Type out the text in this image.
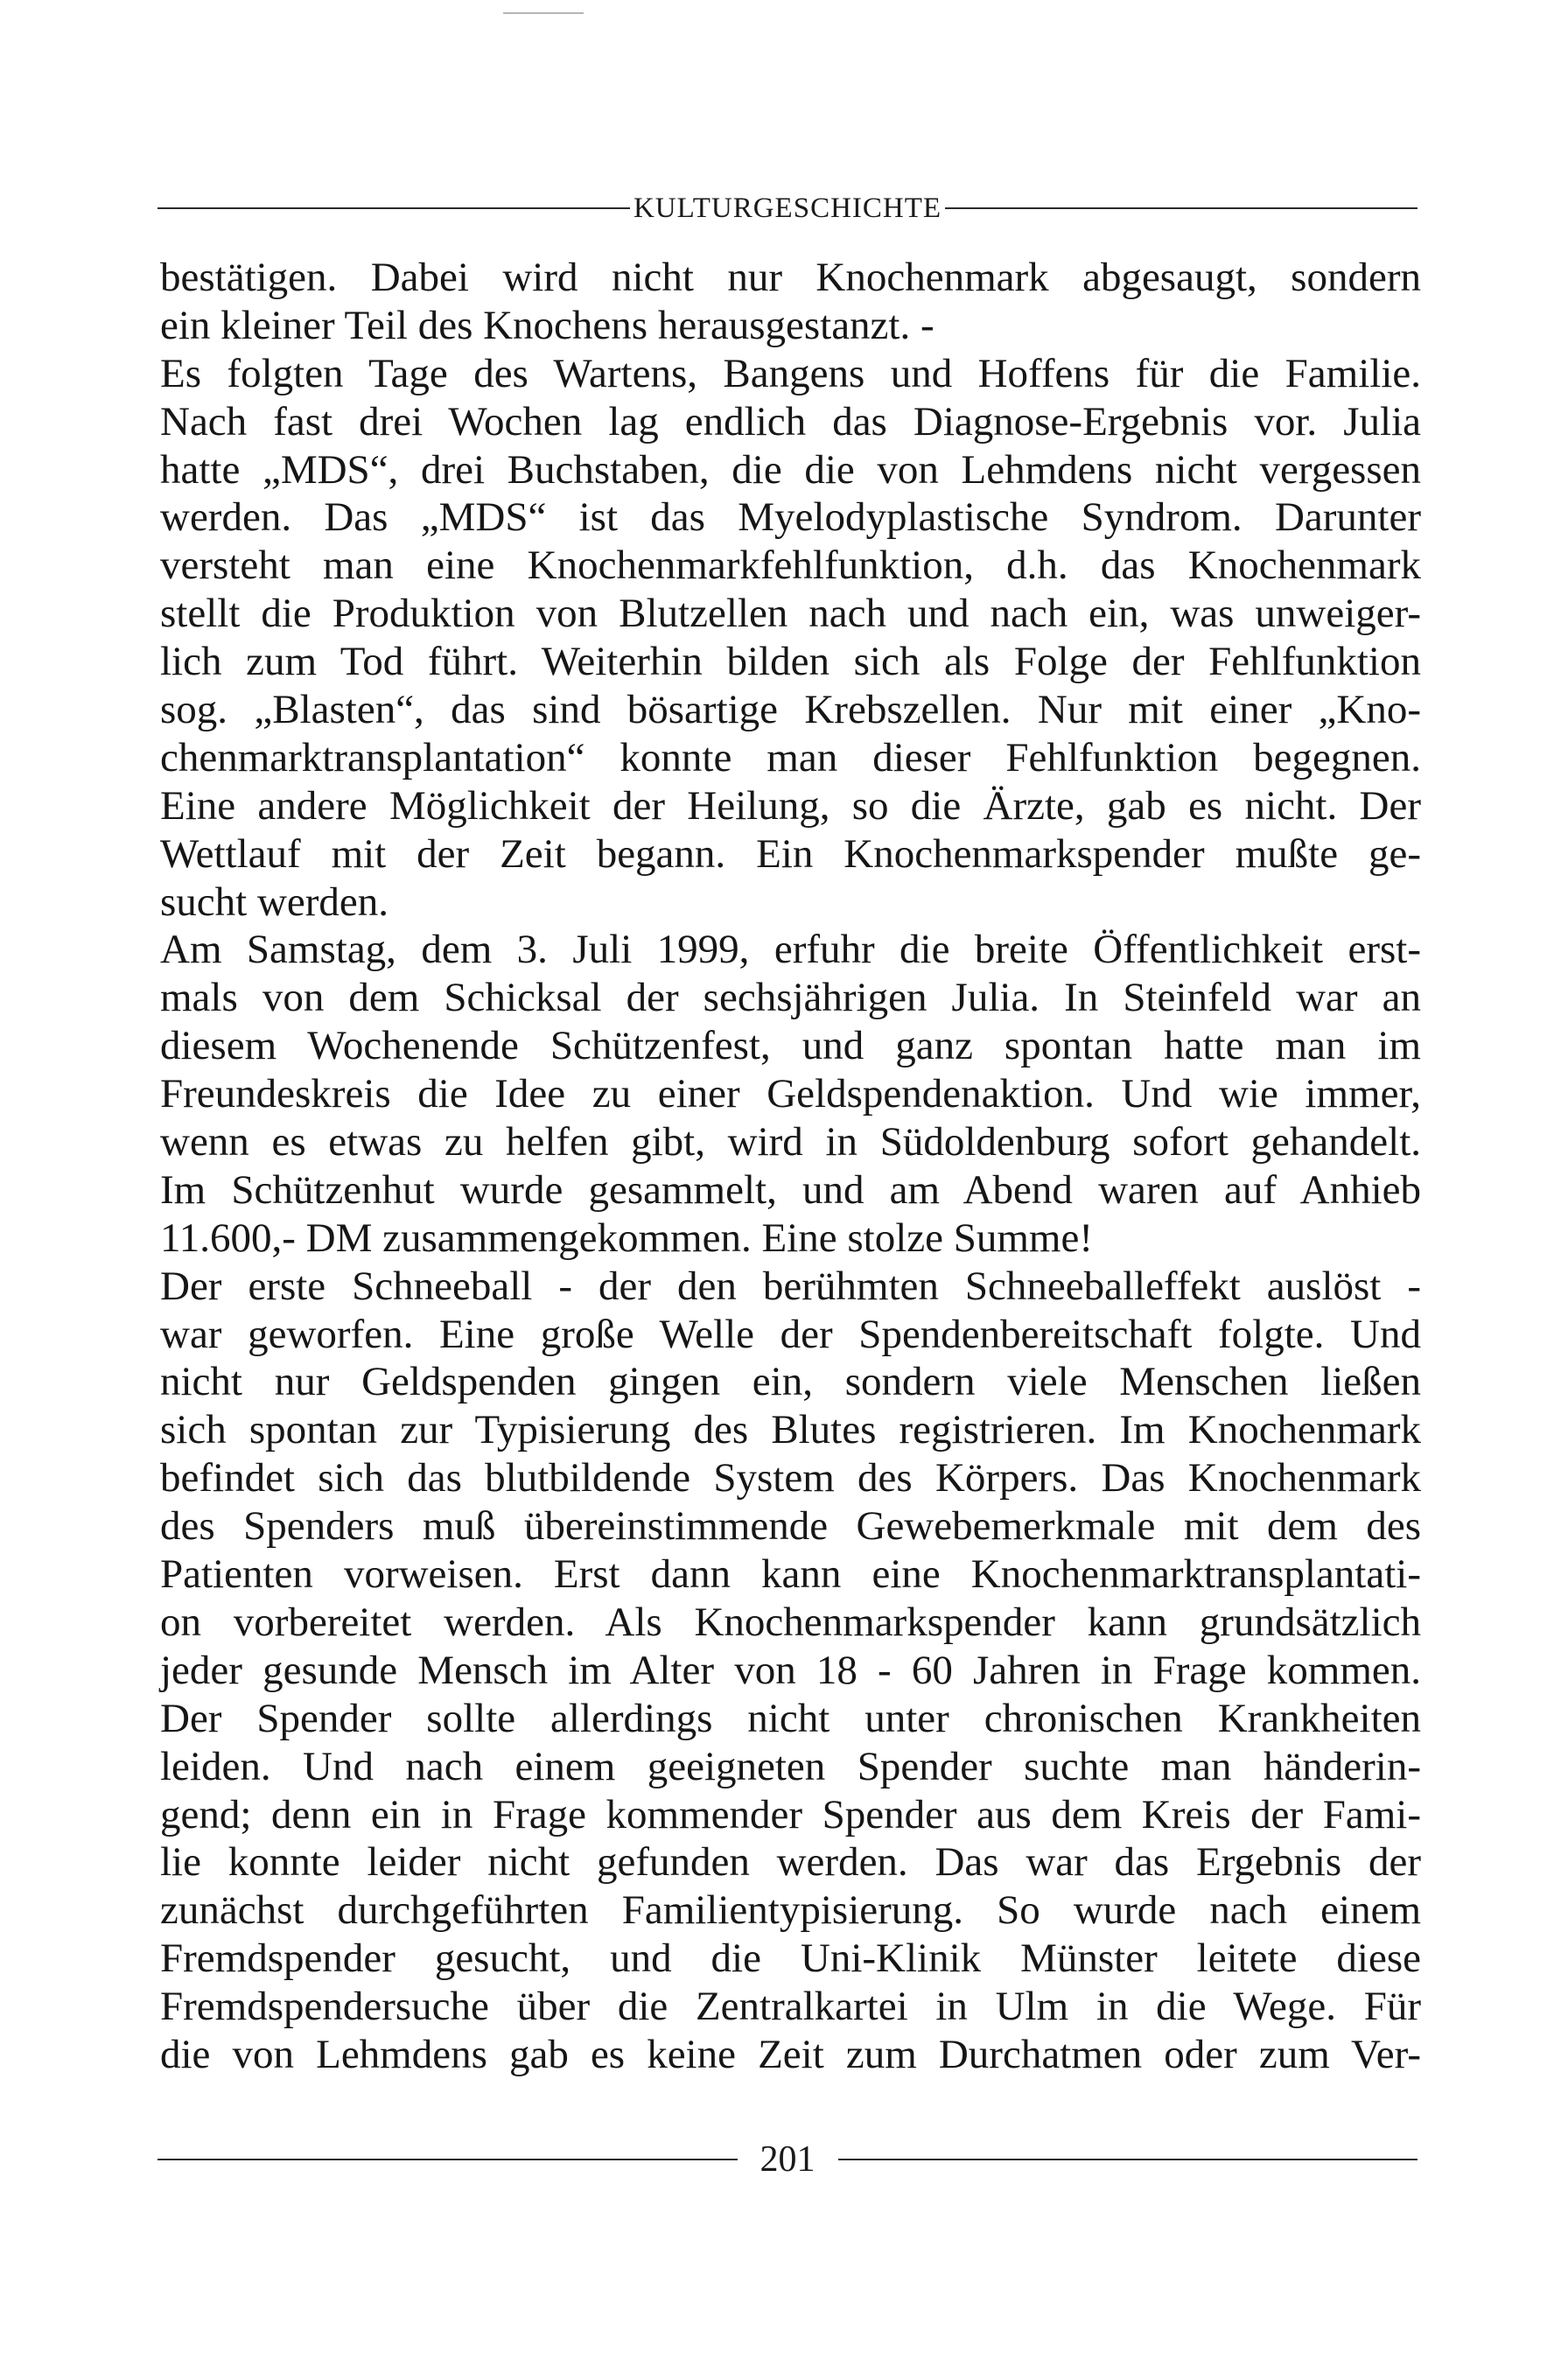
KULTURGESCHICHTE
bestätigen. Dabei wird nicht nur Knochenmark abgesaugt, sondern
ein kleiner Teil des Knochens herausgestanzt. -
Es folgten Tage des Wartens, Bangens und Hoffens für die Familie.
Nach fast drei Wochen lag endlich das Diagnose-Ergebnis vor. Julia
hatte „MDS“, drei Buchstaben, die die von Lehmdens nicht vergessen
werden. Das „MDS“ ist das Myelodyplastische Syndrom. Darunter
versteht man eine Knochenmarkfehlfunktion, d.h. das Knochenmark
stellt die Produktion von Blutzellen nach und nach ein, was unweiger-
lich zum Tod führt. Weiterhin bilden sich als Folge der Fehlfunktion
sog. „Blasten“, das sind bösartige Krebszellen. Nur mit einer „Kno-
chenmarktransplantation“ konnte man dieser Fehlfunktion begegnen.
Eine andere Möglichkeit der Heilung, so die Ärzte, gab es nicht. Der
Wettlauf mit der Zeit begann. Ein Knochenmarkspender mußte ge-
sucht werden.
Am Samstag, dem 3. Juli 1999, erfuhr die breite Öffentlichkeit erst-
mals von dem Schicksal der sechsjährigen Julia. In Steinfeld war an
diesem Wochenende Schützenfest, und ganz spontan hatte man im
Freundeskreis die Idee zu einer Geldspendenaktion. Und wie immer,
wenn es etwas zu helfen gibt, wird in Südoldenburg sofort gehandelt.
Im Schützenhut wurde gesammelt, und am Abend waren auf Anhieb
11.600,- DM zusammengekommen. Eine stolze Summe!
Der erste Schneeball - der den berühmten Schneeballeffekt auslöst -
war geworfen. Eine große Welle der Spendenbereitschaft folgte. Und
nicht nur Geldspenden gingen ein, sondern viele Menschen ließen
sich spontan zur Typisierung des Blutes registrieren. Im Knochenmark
befindet sich das blutbildende System des Körpers. Das Knochenmark
des Spenders muß übereinstimmende Gewebemerkmale mit dem des
Patienten vorweisen. Erst dann kann eine Knochenmarktransplantati-
on vorbereitet werden. Als Knochenmarkspender kann grundsätzlich
jeder gesunde Mensch im Alter von 18 - 60 Jahren in Frage kommen.
Der Spender sollte allerdings nicht unter chronischen Krankheiten
leiden. Und nach einem geeigneten Spender suchte man händerin-
gend; denn ein in Frage kommender Spender aus dem Kreis der Fami-
lie konnte leider nicht gefunden werden. Das war das Ergebnis der
zunächst durchgeführten Familientypisierung. So wurde nach einem
Fremdspender gesucht, und die Uni-Klinik Münster leitete diese
Fremdspendersuche über die Zentralkartei in Ulm in die Wege. Für
die von Lehmdens gab es keine Zeit zum Durchatmen oder zum Ver-
201
